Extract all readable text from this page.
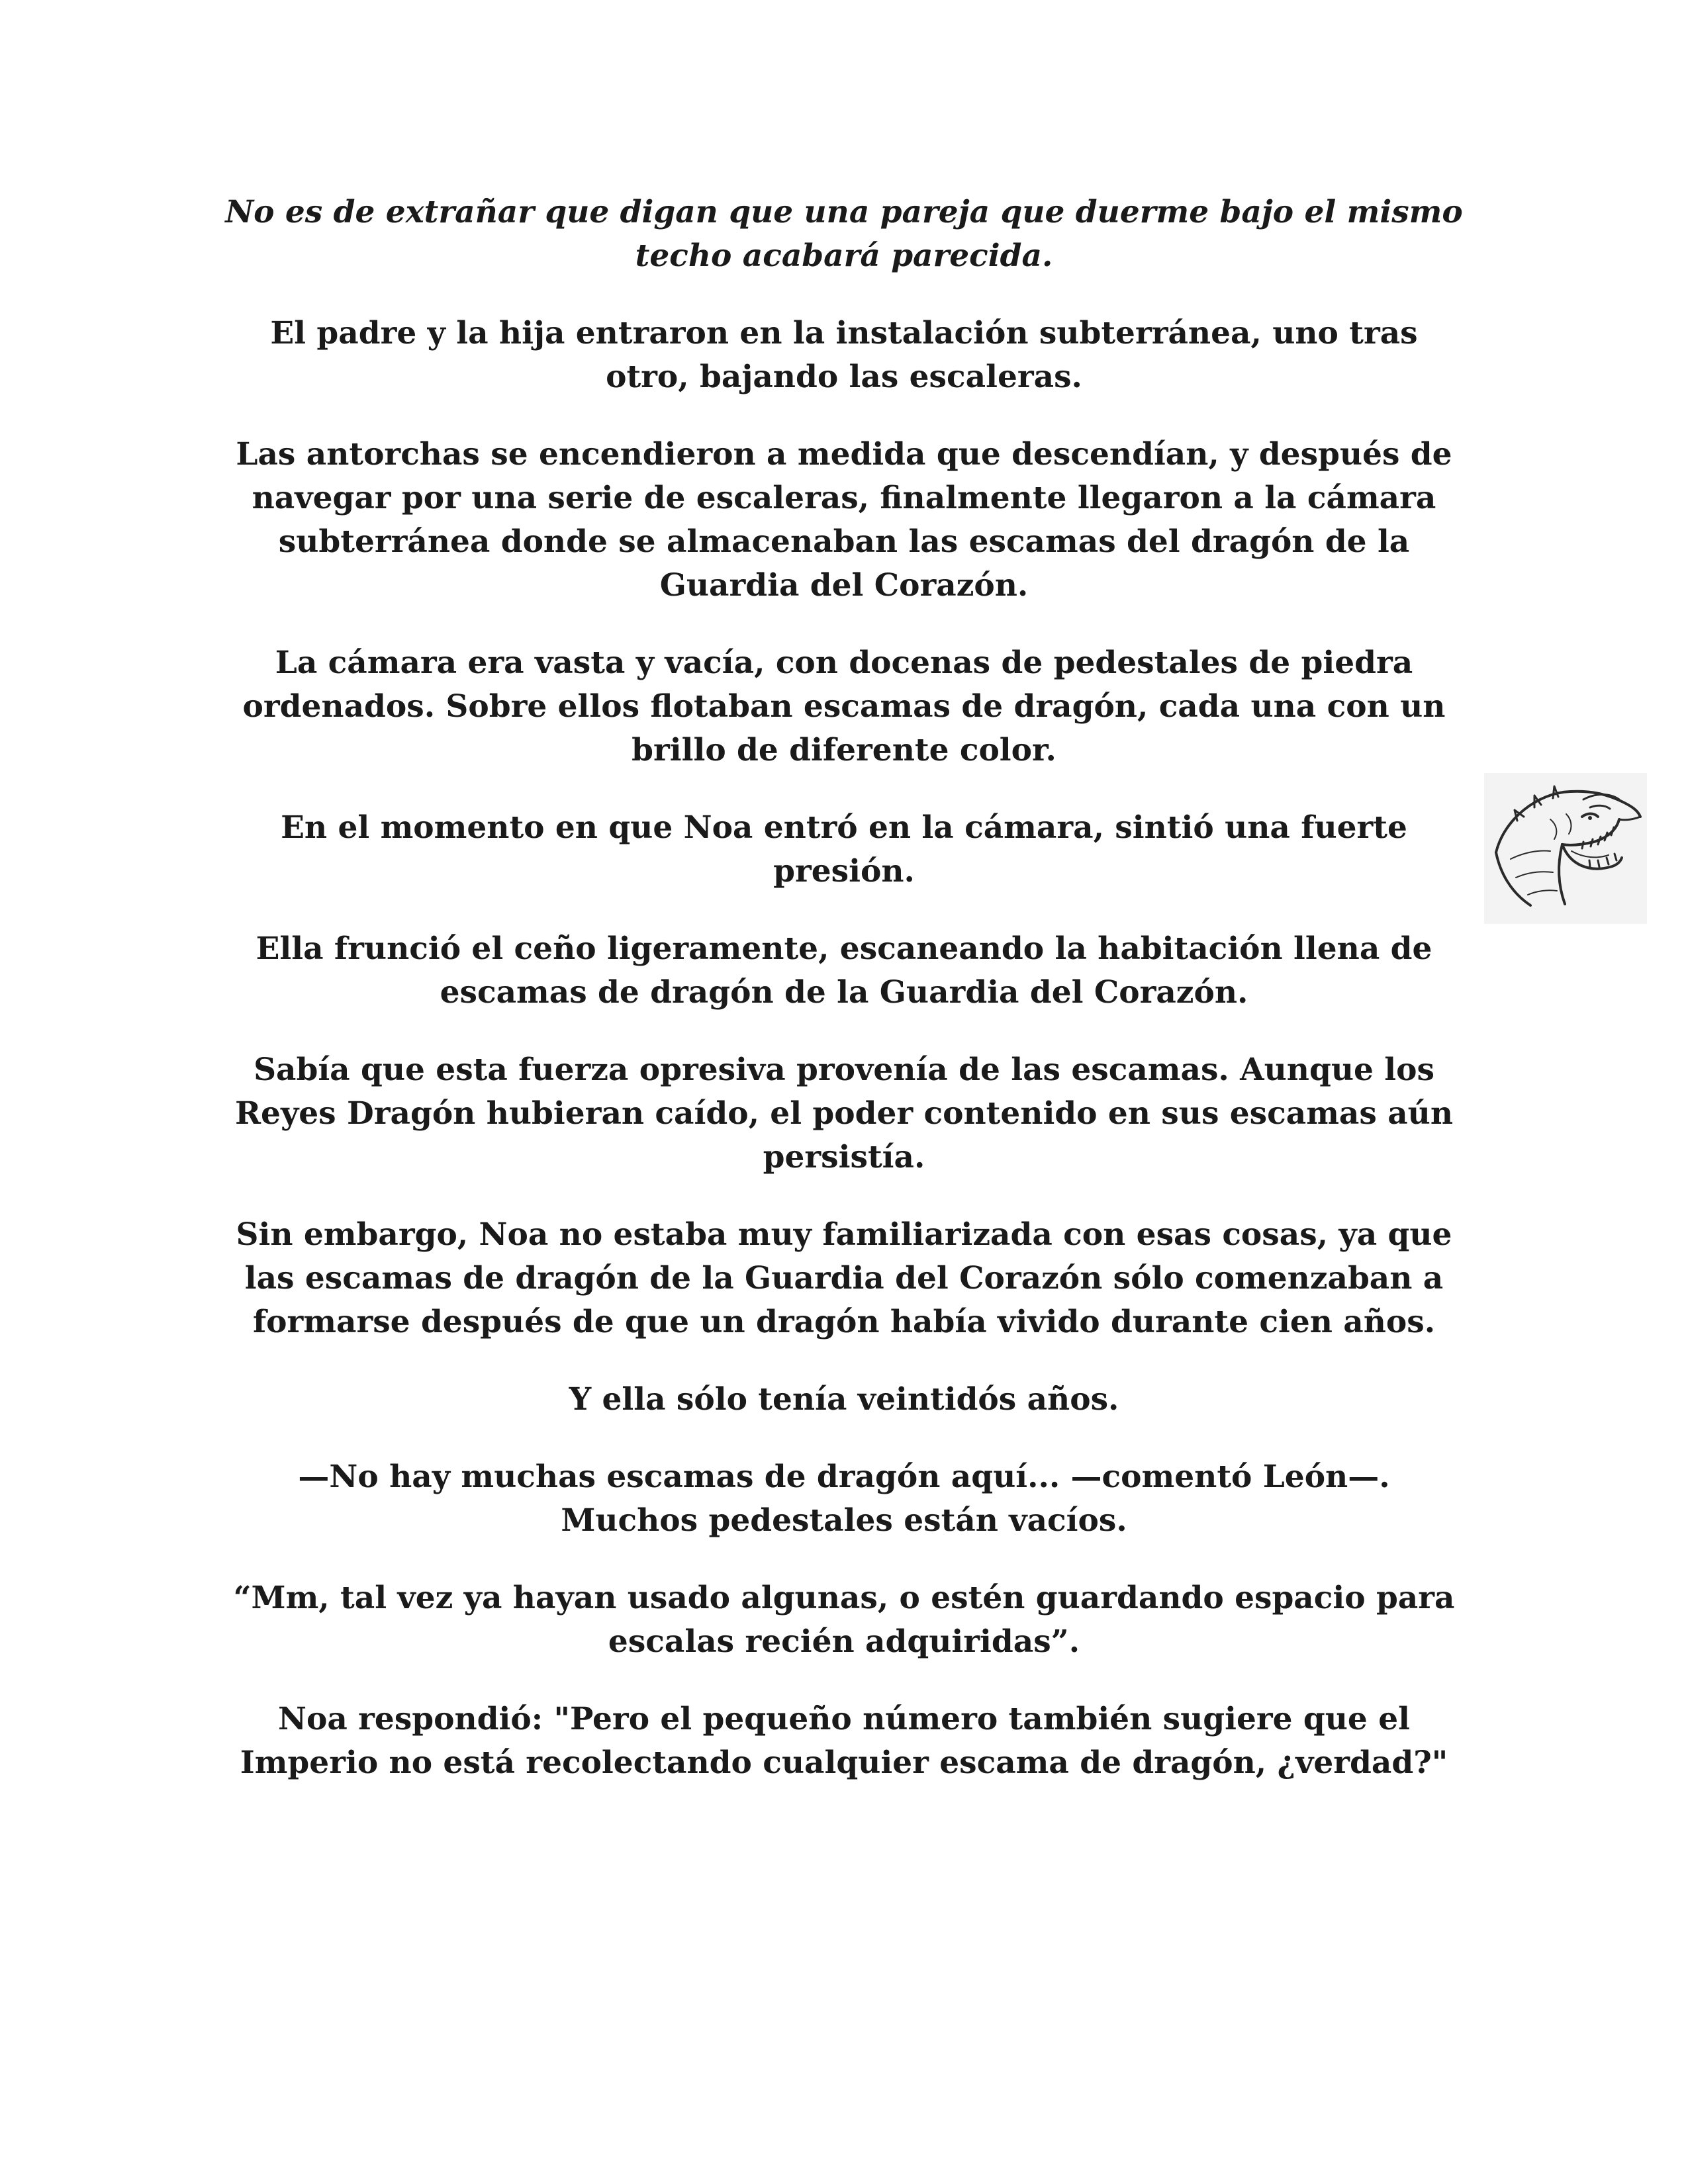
No es de extrañar que digan que una pareja que duerme bajo el mismo techo acabará parecida.

El padre y la hija entraron en la instalación subterránea, uno tras otro, bajando las escaleras.

Las antorchas se encendieron a medida que descendían, y después de navegar por una serie de escaleras, finalmente llegaron a la cámara subterránea donde se almacenaban las escamas del dragón de la Guardia del Corazón.

La cámara era vasta y vacía, con docenas de pedestales de piedra ordenados. Sobre ellos flotaban escamas de dragón, cada una con un brillo de diferente color.

En el momento en que Noa entró en la cámara, sintió una fuerte presión.

Ella frunció el ceño ligeramente, escaneando la habitación llena de escamas de dragón de la Guardia del Corazón.

Sabía que esta fuerza opresiva provenía de las escamas. Aunque los Reyes Dragón hubieran caído, el poder contenido en sus escamas aún persistía.

Sin embargo, Noa no estaba muy familiarizada con esas cosas, ya que las escamas de dragón de la Guardia del Corazón sólo comenzaban a formarse después de que un dragón había vivido durante cien años.

Y ella sólo tenía veintidós años.

—No hay muchas escamas de dragón aquí... —comentó León—. Muchos pedestales están vacíos.

“Mm, tal vez ya hayan usado algunas, o estén guardando espacio para escalas recién adquiridas”.

Noa respondió: "Pero el pequeño número también sugiere que el Imperio no está recolectando cualquier escama de dragón, ¿verdad?"
